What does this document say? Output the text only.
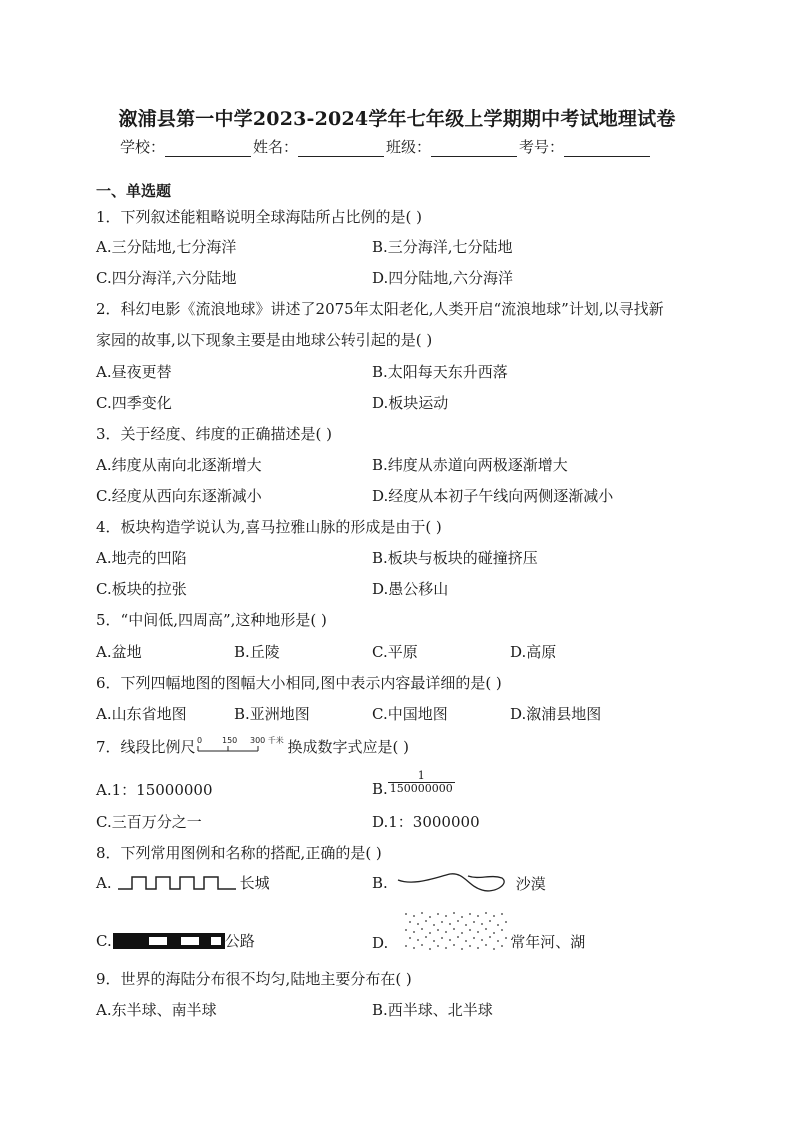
溆浦县第一中学2023-2024学年七年级上学期期中考试地理试卷
学校：	姓名：	班级：	考号：
一、单选题
1．下列叙述能粗略说明全球海陆所占比例的是( )
A.三分陆地,七分海洋	B.三分海洋,七分陆地
C.四分海洋,六分陆地	D.四分陆地,六分海洋
2．科幻电影《流浪地球》讲述了2075年太阳老化,人类开启“流浪地球”计划,以寻找新
家园的故事,以下现象主要是由地球公转引起的是( )
A.昼夜更替	B.太阳每天东升西落
C.四季变化	D.板块运动
3．关于经度、纬度的正确描述是( )
A.纬度从南向北逐渐增大	B.纬度从赤道向两极逐渐增大
C.经度从西向东逐渐减小	D.经度从本初子午线向两侧逐渐减小
4．板块构造学说认为,喜马拉雅山脉的形成是由于( )
A.地壳的凹陷	B.板块与板块的碰撞挤压
C.板块的拉张	D.愚公移山
5．“中间低,四周高”,这种地形是( )
A.盆地	B.丘陵	C.平原	D.高原
6．下列四幅地图的图幅大小相同,图中表示内容最详细的是( )
A.山东省地图	B.亚洲地图	C.中国地图	D.溆浦县地图
7．线段比例尺 0 150 300 千米 换成数字式应是( )
A.1：15000000	B. $\frac{1}{150000000}$
C.三百万分之一	D.1：3000000
8．下列常用图例和名称的搭配,正确的是( )
A.	长城	B.	沙漠
C.	公路	D.	常年河、湖
9．世界的海陆分布很不均匀,陆地主要分布在( )
A.东半球、南半球	B.西半球、北半球
